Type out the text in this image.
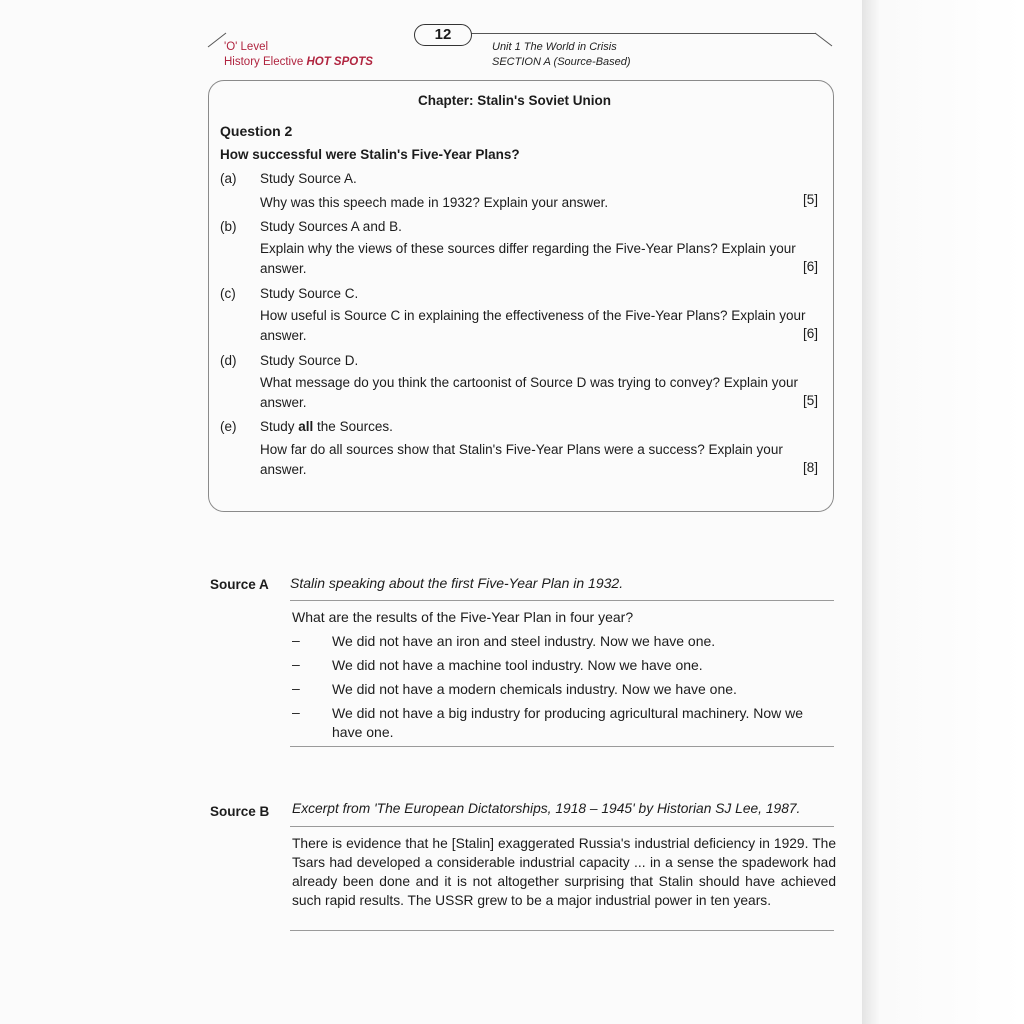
'O' Level
History Elective HOT SPOTS
12
Unit 1 The World in Crisis
SECTION A (Source-Based)
Chapter: Stalin's Soviet Union
Question 2
How successful were Stalin's Five-Year Plans?
(a) Study Source A.
Why was this speech made in 1932? Explain your answer.	[5]
(b) Study Sources A and B.
Explain why the views of these sources differ regarding the Five-Year Plans? Explain your answer.	[6]
(c) Study Source C.
How useful is Source C in explaining the effectiveness of the Five-Year Plans? Explain your answer.	[6]
(d) Study Source D.
What message do you think the cartoonist of Source D was trying to convey? Explain your answer.	[5]
(e) Study all the Sources.
How far do all sources show that Stalin's Five-Year Plans were a success? Explain your answer.	[8]
Source A Stalin speaking about the first Five-Year Plan in 1932.
What are the results of the Five-Year Plan in four year?
– We did not have an iron and steel industry. Now we have one.
– We did not have a machine tool industry. Now we have one.
– We did not have a modern chemicals industry. Now we have one.
– We did not have a big industry for producing agricultural machinery. Now we have one.
Source B Excerpt from 'The European Dictatorships, 1918 – 1945' by Historian SJ Lee, 1987.
There is evidence that he [Stalin] exaggerated Russia's industrial deficiency in 1929. The Tsars had developed a considerable industrial capacity ... in a sense the spadework had already been done and it is not altogether surprising that Stalin should have achieved such rapid results. The USSR grew to be a major industrial power in ten years.
